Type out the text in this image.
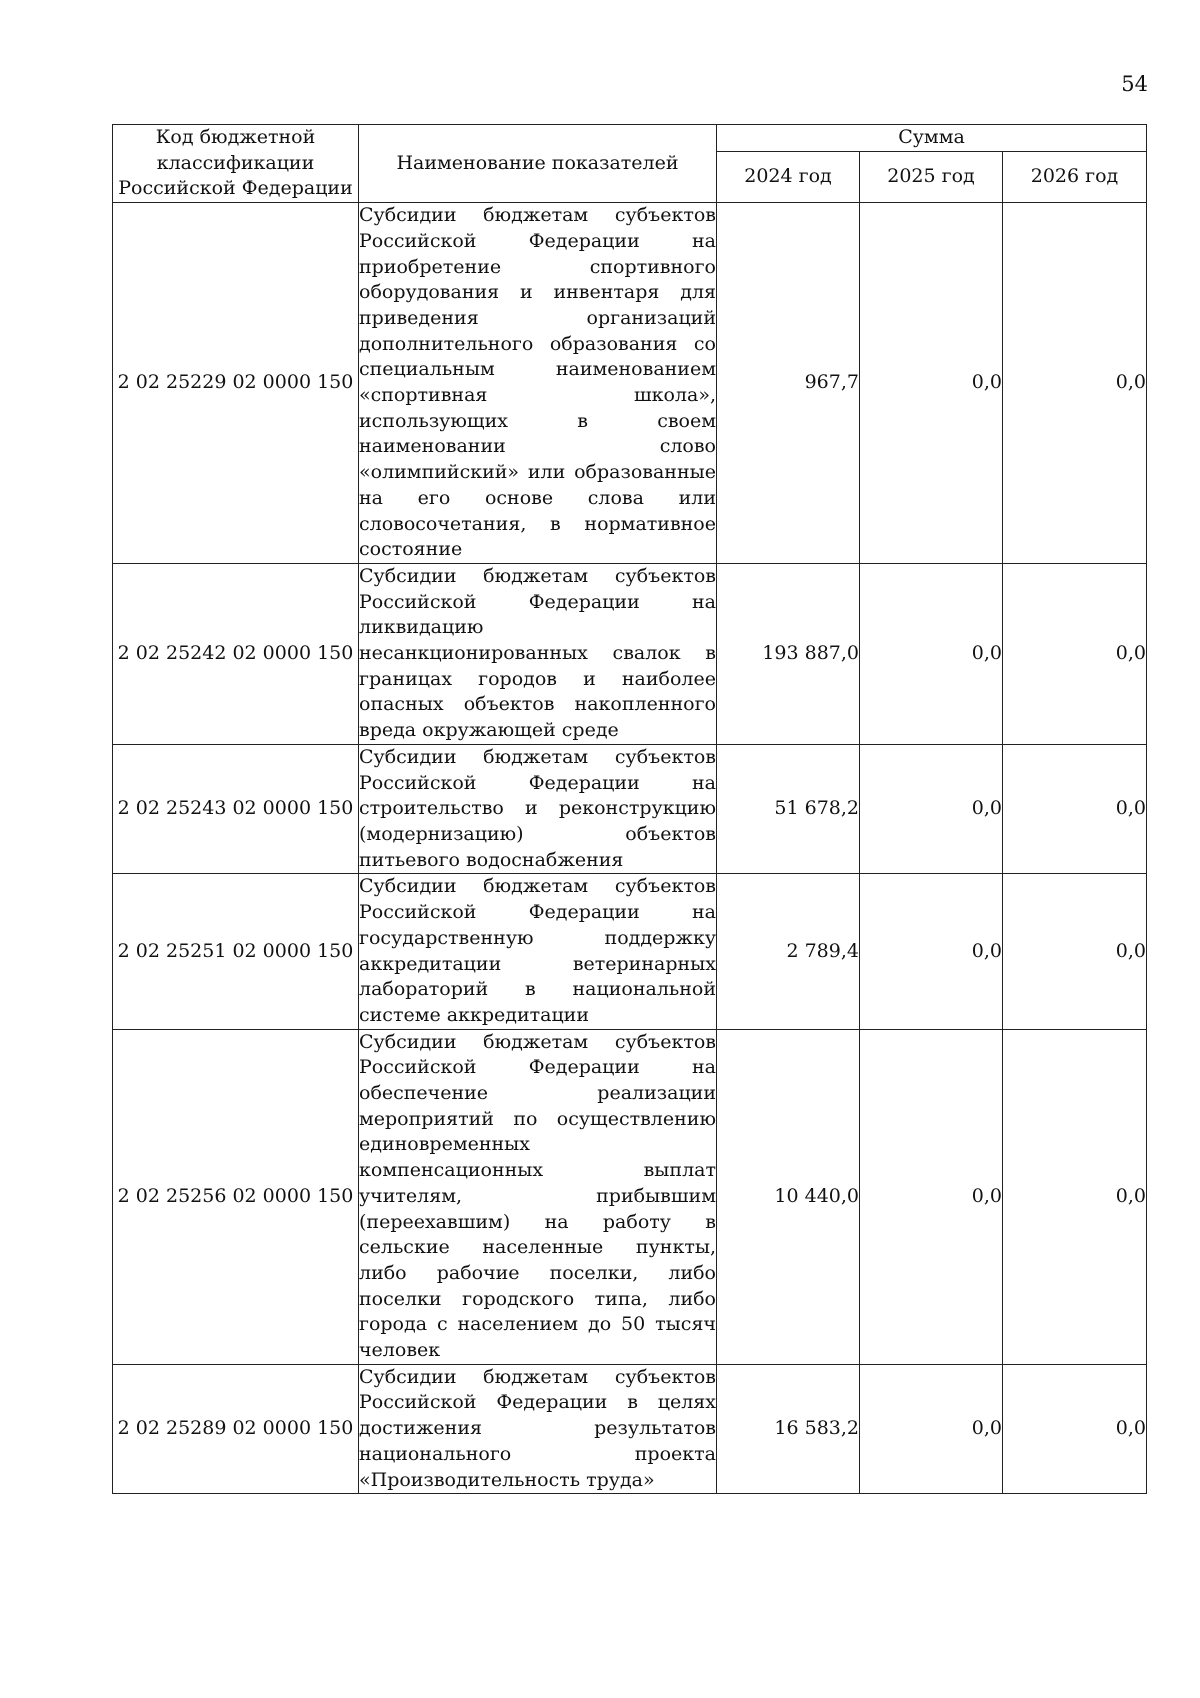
54
Код бюджетной классификации Российской Федерации	Наименование показателей	Сумма		
		2024 год	2025 год	2026 год
2 02 25229 02 0000 150	Субсидии бюджетам субъектов Российской Федерации на приобретение спортивного оборудования и инвентаря для приведения организаций дополнительного образования со специальным наименованием «спортивная школа», использующих в своем наименовании слово «олимпийский» или образованные на его основе слова или словосочетания, в нормативное состояние	967,7	0,0	0,0
2 02 25242 02 0000 150	Субсидии бюджетам субъектов Российской Федерации на ликвидацию несанкционированных свалок в границах городов и наиболее опасных объектов накопленного вреда окружающей среде	193 887,0	0,0	0,0
2 02 25243 02 0000 150	Субсидии бюджетам субъектов Российской Федерации на строительство и реконструкцию (модернизацию) объектов питьевого водоснабжения	51 678,2	0,0	0,0
2 02 25251 02 0000 150	Субсидии бюджетам субъектов Российской Федерации на государственную поддержку аккредитации ветеринарных лабораторий в национальной системе аккредитации	2 789,4	0,0	0,0
2 02 25256 02 0000 150	Субсидии бюджетам субъектов Российской Федерации на обеспечение реализации мероприятий по осуществлению единовременных компенсационных выплат учителям, прибывшим (переехавшим) на работу в сельские населенные пункты, либо рабочие поселки, либо поселки городского типа, либо города с населением до 50 тысяч человек	10 440,0	0,0	0,0
2 02 25289 02 0000 150	Субсидии бюджетам субъектов Российской Федерации в целях достижения результатов национального проекта «Производительность труда»	16 583,2	0,0	0,0
